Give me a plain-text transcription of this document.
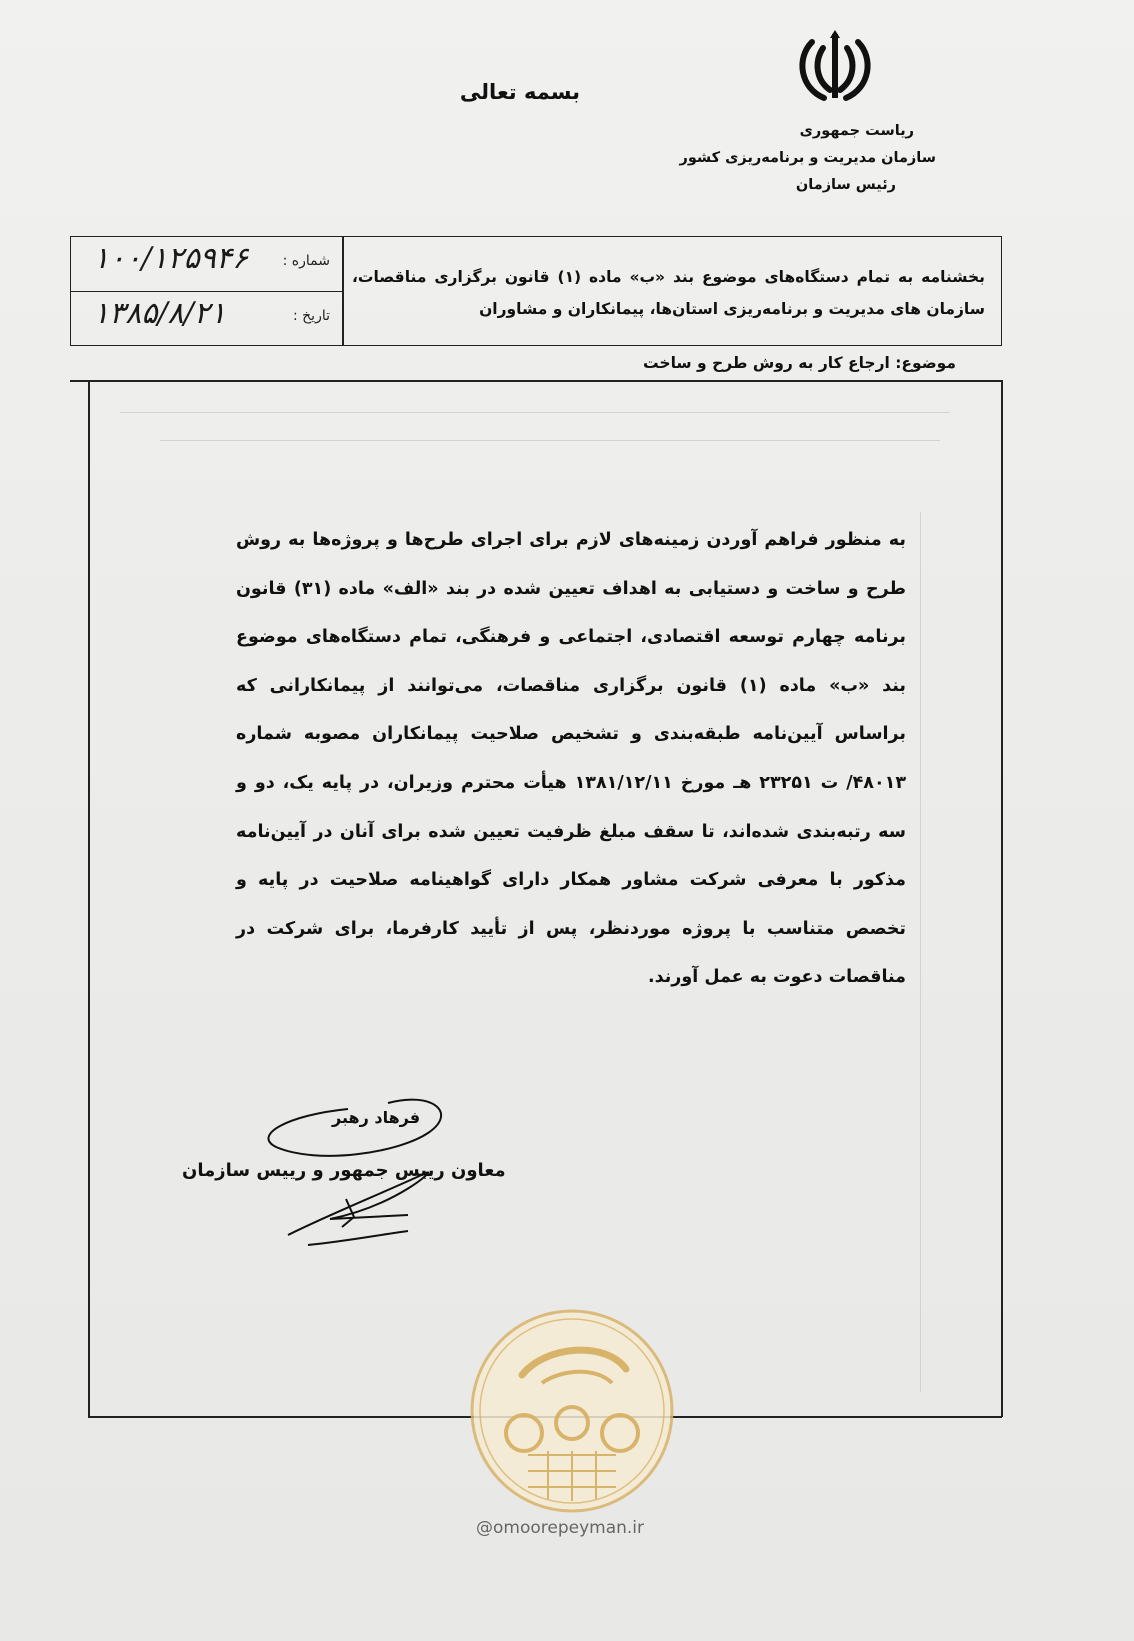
بسمه تعالی
ریاست جمهوری
سازمان مدیریت و برنامه‌ریزی کشور
رئیس سازمان
بخشنامه به تمام دستگاه‌های موضوع بند «ب» ماده (۱) قانون برگزاری مناقصات، سازمان های مدیریت و برنامه‌ریزی استان‌ها، پیمانکاران و مشاوران
شماره :
۱۰۰/۱۲۵۹۴۶
تاریخ :
۱۳۸۵/۸/۲۱
موضوع: ارجاع کار به روش طرح و ساخت
به منظور فراهم آوردن زمینه‌های لازم برای اجرای طرح‌ها و پروژه‌ها به روش طرح و ساخت و دستیابی به اهداف تعیین شده در بند «الف» ماده (۳۱) قانون برنامه چهارم توسعه اقتصادی، اجتماعی و فرهنگی، تمام دستگاه‌های موضوع بند «ب» ماده (۱) قانون برگزاری مناقصات، می‌توانند از پیمانکارانی که براساس آیین‌نامه طبقه‌بندی و تشخیص صلاحیت پیمانکاران مصوبه شماره ۴۸۰۱۳/ ت ۲۳۲۵۱ هـ مورخ ۱۳۸۱/۱۲/۱۱ هیأت محترم وزیران، در پایه یک، دو و سه رتبه‌بندی شده‌اند، تا سقف مبلغ ظرفیت تعیین شده برای آنان در آیین‌نامه مذکور با معرفی شرکت مشاور همکار دارای گواهینامه صلاحیت در پایه و تخصص متناسب با پروژه موردنظر، پس از تأیید کارفرما، برای شرکت در مناقصات دعوت به عمل آورند.
فرهاد رهبر
معاون رییس جمهور و رییس سازمان
@omoorepeyman.ir
